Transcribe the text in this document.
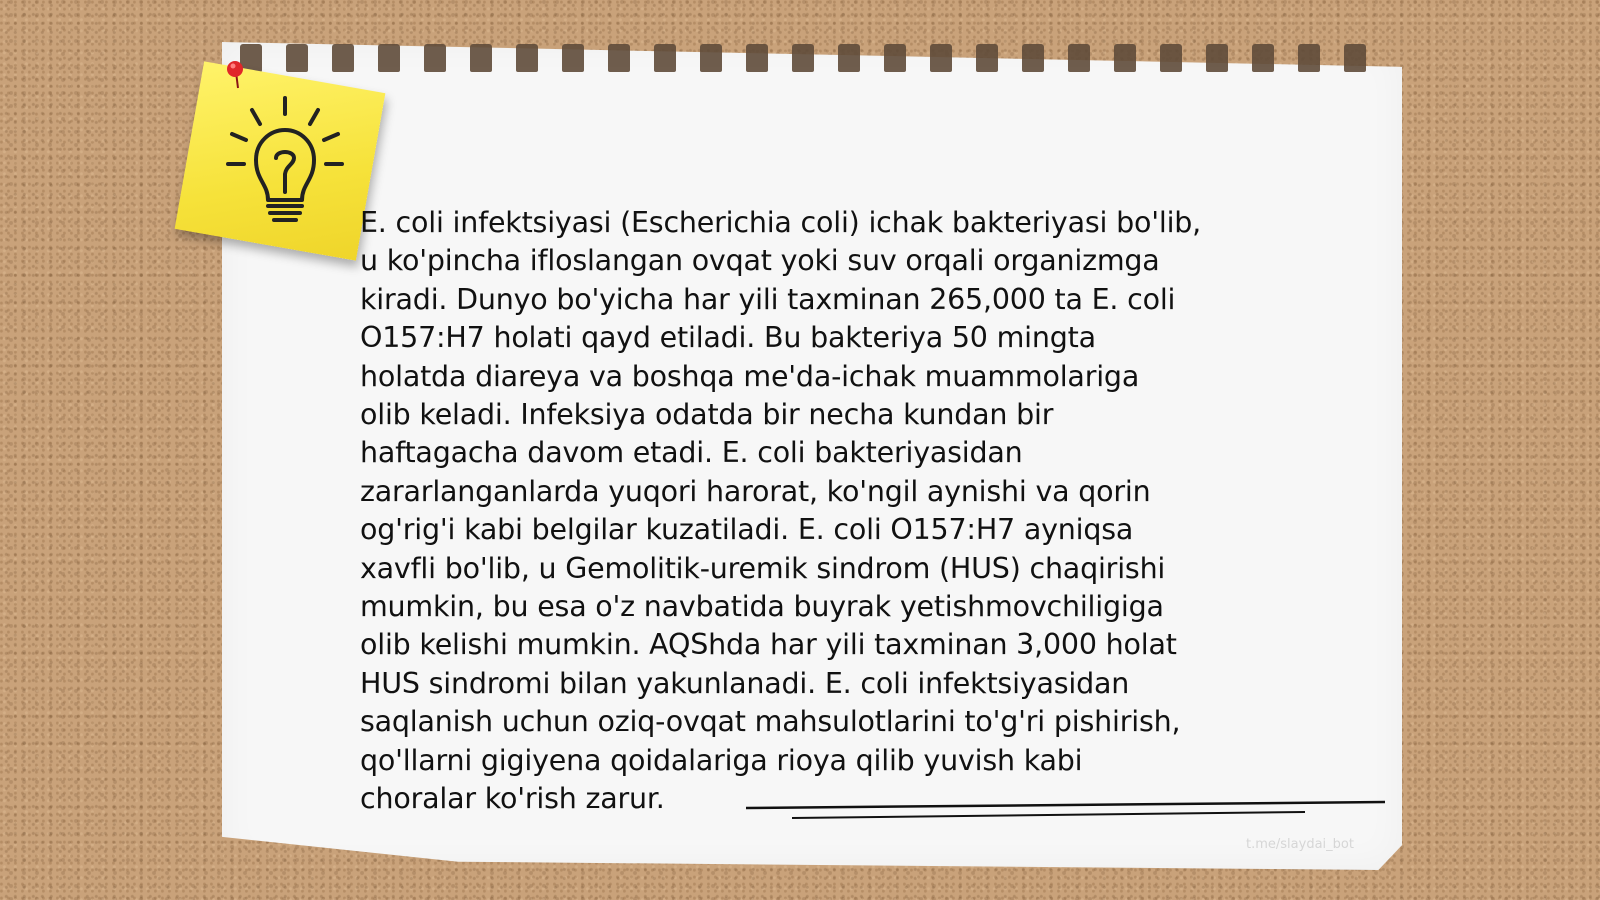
E. coli infektsiyasi (Escherichia coli) ichak bakteriyasi bo'lib,
u ko'pincha ifloslangan ovqat yoki suv orqali organizmga
kiradi. Dunyo bo'yicha har yili taxminan 265,000 ta E. coli
O157:H7 holati qayd etiladi. Bu bakteriya 50 mingta
holatda diareya va boshqa me'da-ichak muammolariga
olib keladi. Infeksiya odatda bir necha kundan bir
haftagacha davom etadi. E. coli bakteriyasidan
zararlanganlarda yuqori harorat, ko'ngil aynishi va qorin
og'rig'i kabi belgilar kuzatiladi. E. coli O157:H7 ayniqsa
xavfli bo'lib, u Gemolitik-uremik sindrom (HUS) chaqirishi
mumkin, bu esa o'z navbatida buyrak yetishmovchiligiga
olib kelishi mumkin. AQShda har yili taxminan 3,000 holat
HUS sindromi bilan yakunlanadi. E. coli infektsiyasidan
saqlanish uchun oziq-ovqat mahsulotlarini to'g'ri pishirish,
qo'llarni gigiyena qoidalariga rioya qilib yuvish kabi
choralar ko'rish zarur.

t.me/slaydai_bot
